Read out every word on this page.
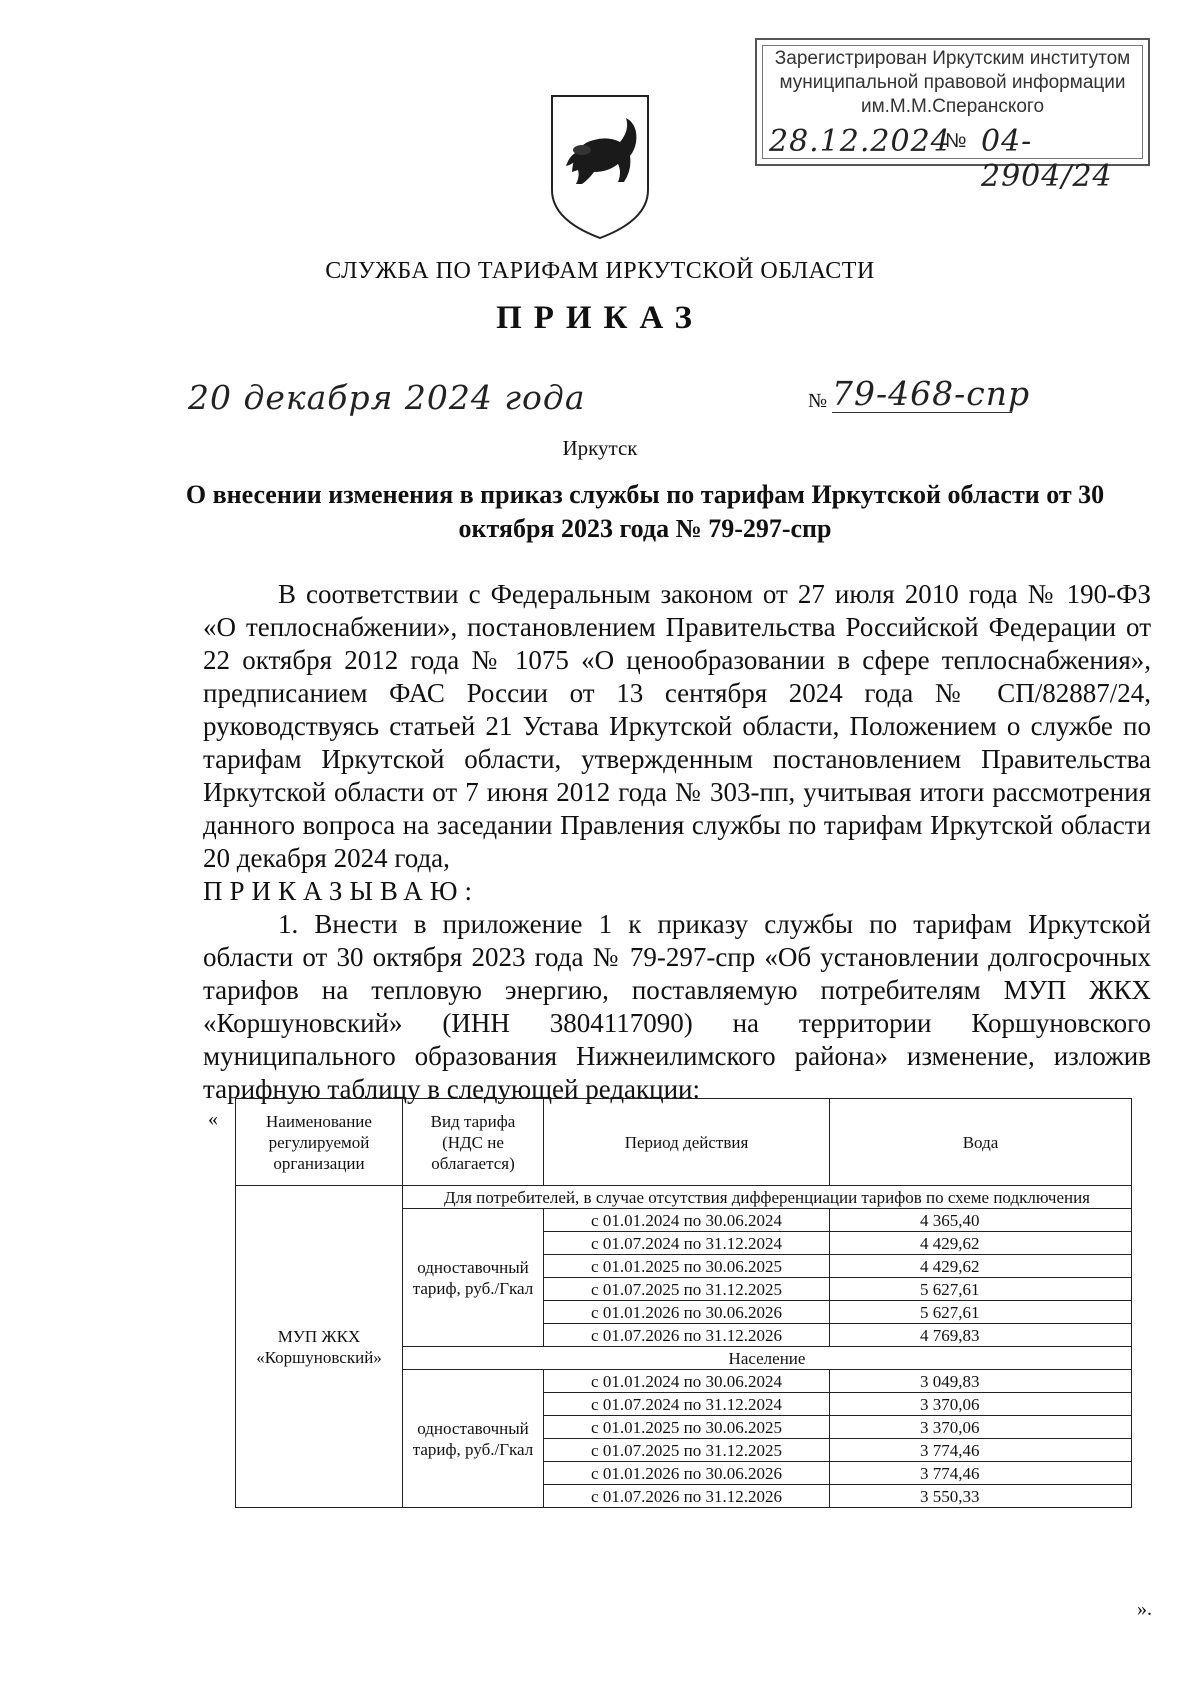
Зарегистрирован Иркутским институтом
муниципальной правовой информации
им.М.М.Сперанского
28.12.2024
№ 04-2904/24
СЛУЖБА ПО ТАРИФАМ ИРКУТСКОЙ ОБЛАСТИ
ПРИКАЗ
20 декабря 2024 года	№ 79-468-спр
Иркутск
О внесении изменения в приказ службы по тарифам Иркутской области от 30 октября 2023 года № 79-297-спр
В соответствии с Федеральным законом от 27 июля 2010 года № 190-ФЗ «О теплоснабжении», постановлением Правительства Российской Федерации от 22 октября 2012 года № 1075 «О ценообразовании в сфере теплоснабжения», предписанием ФАС России от 13 сентября 2024 года № СП/82887/24, руководствуясь статьей 21 Устава Иркутской области, Положением о службе по тарифам Иркутской области, утвержденным постановлением Правительства Иркутской области от 7 июня 2012 года № 303-пп, учитывая итоги рассмотрения данного вопроса на заседании Правления службы по тарифам Иркутской области 20 декабря 2024 года,
ПРИКАЗЫВАЮ:
1. Внести в приложение 1 к приказу службы по тарифам Иркутской области от 30 октября 2023 года № 79-297-спр «Об установлении долгосрочных тарифов на тепловую энергию, поставляемую потребителям МУП ЖКХ «Коршуновский» (ИНН 3804117090) на территории Коршуновского муниципального образования Нижнеилимского района» изменение, изложив тарифную таблицу в следующей редакции:
«	Наименование регулируемой организации	Вид тарифа (НДС не облагается)	Период действия	Вода
МУП ЖКХ «Коршуновский»	Для потребителей, в случае отсутствия дифференциации тарифов по схеме подключения		
	одноставочный тариф, руб./Гкал	с 01.01.2024 по 30.06.2024	4 365,40
		с 01.07.2024 по 31.12.2024	4 429,62
		с 01.01.2025 по 30.06.2025	4 429,62
		с 01.07.2025 по 31.12.2025	5 627,61
		с 01.01.2026 по 30.06.2026	5 627,61
		с 01.07.2026 по 31.12.2026	4 769,83
	Население		
	одноставочный тариф, руб./Гкал	с 01.01.2024 по 30.06.2024	3 049,83
		с 01.07.2024 по 31.12.2024	3 370,06
		с 01.01.2025 по 30.06.2025	3 370,06
		с 01.07.2025 по 31.12.2025	3 774,46
		с 01.01.2026 по 30.06.2026	3 774,46
		с 01.07.2026 по 31.12.2026	3 550,33
».
